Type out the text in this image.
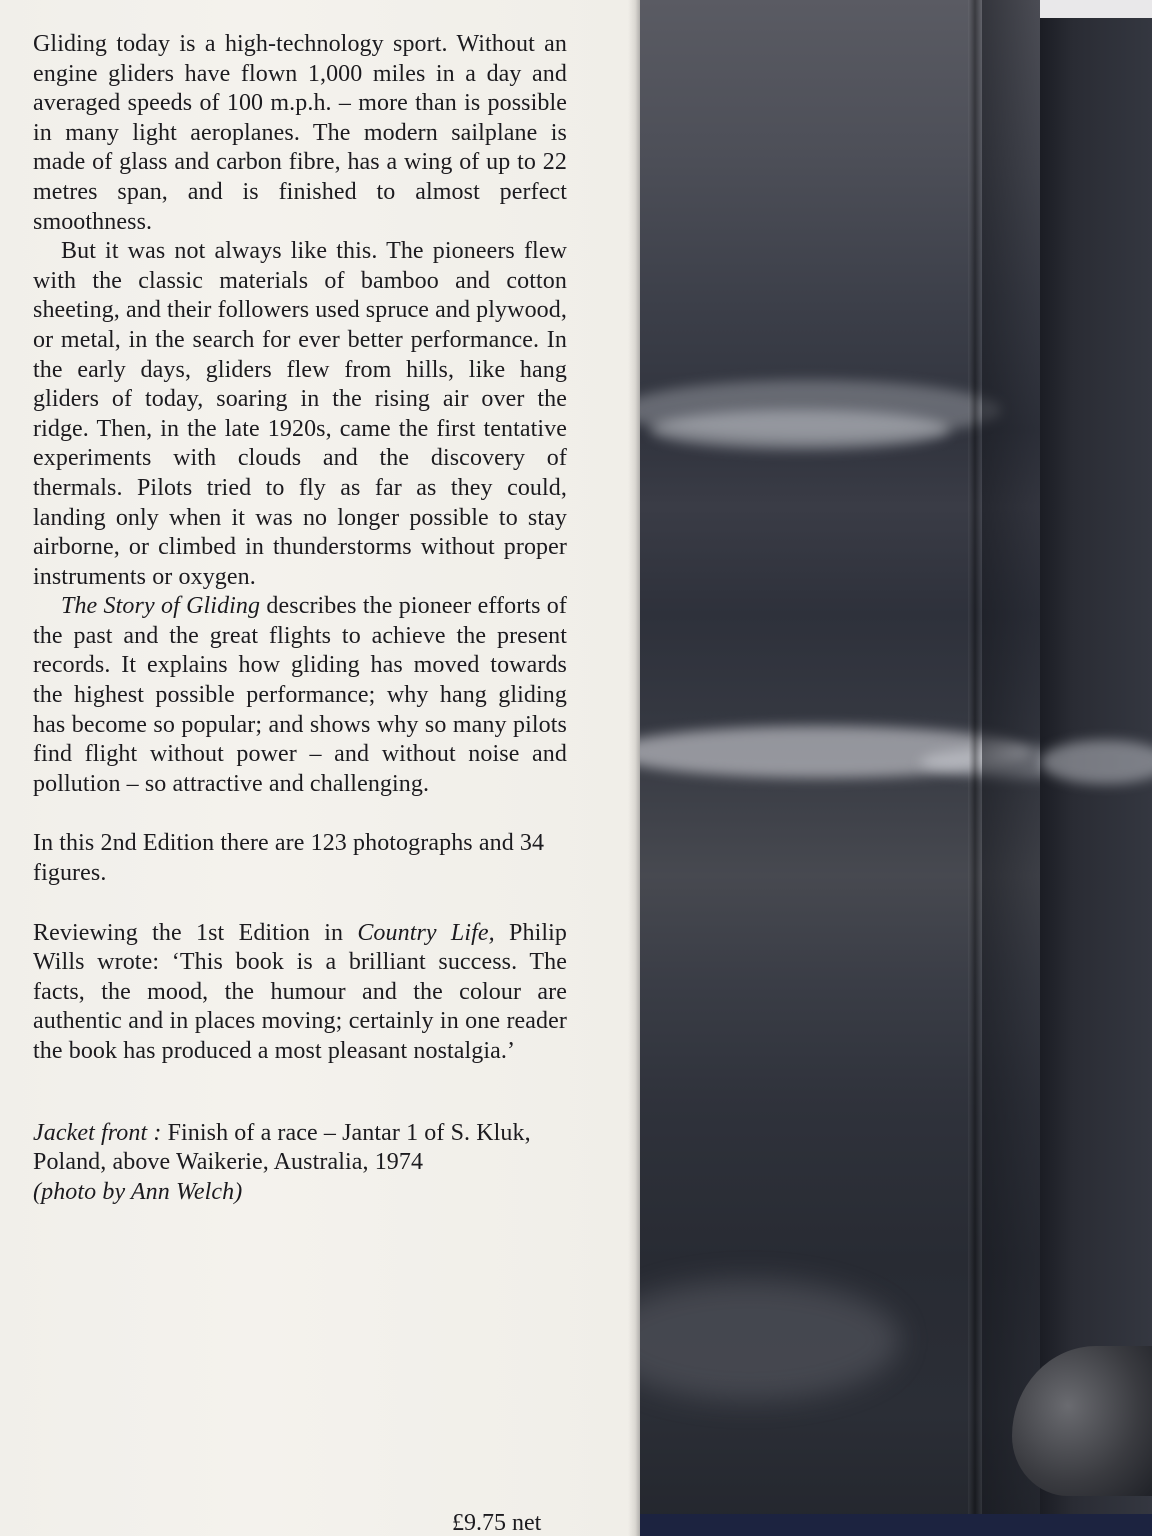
Gliding today is a high-technology sport. Without an engine gliders have flown 1,000 miles in a day and averaged speeds of 100 m.p.h. – more than is possible in many light aeroplanes. The modern sailplane is made of glass and carbon fibre, has a wing of up to 22 metres span, and is finished to almost perfect smoothness.

But it was not always like this. The pioneers flew with the classic materials of bamboo and cotton sheeting, and their followers used spruce and plywood, or metal, in the search for ever better performance. In the early days, gliders flew from hills, like hang gliders of today, soaring in the rising air over the ridge. Then, in the late 1920s, came the first tentative experiments with clouds and the discovery of thermals. Pilots tried to fly as far as they could, landing only when it was no longer possible to stay airborne, or climbed in thunderstorms without proper instruments or oxygen.

The Story of Gliding describes the pioneer efforts of the past and the great flights to achieve the present records. It explains how gliding has moved towards the highest possible performance; why hang gliding has become so popular; and shows why so many pilots find flight without power – and without noise and pollution – so attractive and challenging.

In this 2nd Edition there are 123 photographs and 34 figures.

Reviewing the 1st Edition in Country Life, Philip Wills wrote: ‘This book is a brilliant success. The facts, the mood, the humour and the colour are authentic and in places moving; certainly in one reader the book has produced a most pleasant nostalgia.’

Jacket front : Finish of a race – Jantar 1 of S. Kluk, Poland, above Waikerie, Australia, 1974

(photo by Ann Welch)

£9.75 net
